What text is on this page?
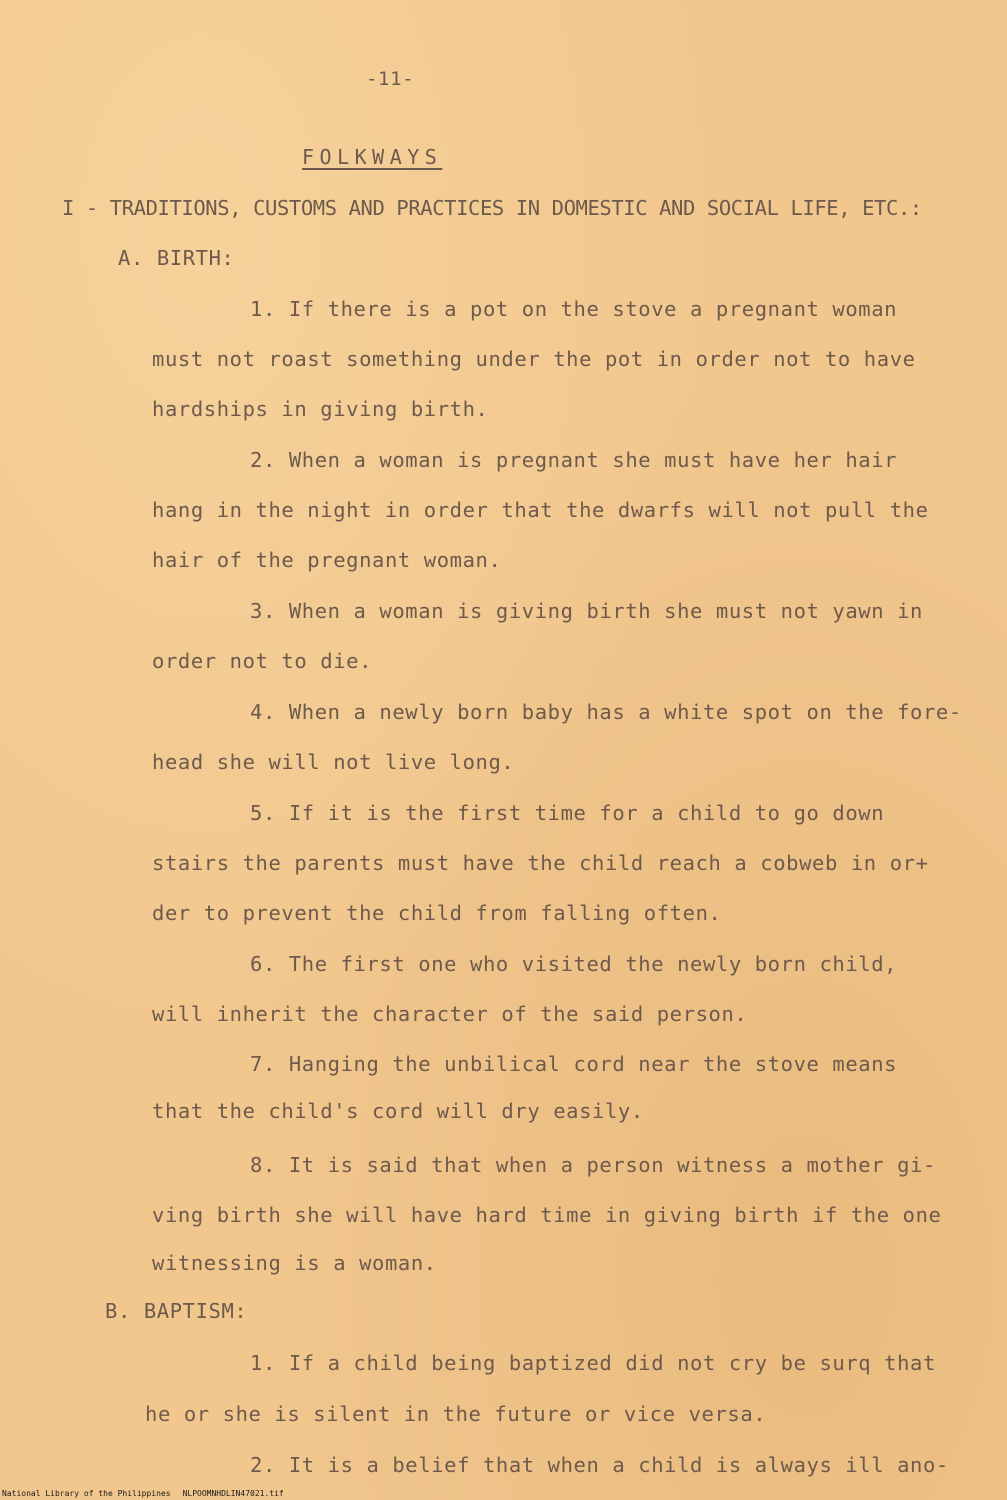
-11-
FOLKWAYS
I - TRADITIONS, CUSTOMS AND PRACTICES IN DOMESTIC AND SOCIAL LIFE, ETC.:
A. BIRTH:
1. If there is a pot on the stove a pregnant woman
must not roast something under the pot in order not to have
hardships in giving birth.
2. When a woman is pregnant she must have her hair
hang in the night in order that the dwarfs will not pull the
hair of the pregnant woman.
3. When a woman is giving birth she must not yawn in
order not to die.
4. When a newly born baby has a white spot on the fore-
head she will not live long.
5. If it is the first time for a child to go down
stairs the parents must have the child reach a cobweb in or+
der to prevent the child from falling often.
6. The first one who visited the newly born child,
will inherit the character of the said person.
7. Hanging the unbilical cord near the stove means
that the child's cord will dry easily.
8. It is said that when a person witness a mother gi-
ving birth she will have hard time in giving birth if the one
witnessing is a woman.
B. BAPTISM:
1. If a child being baptized did not cry be surq that
he or she is silent in the future or vice versa.
2. It is a belief that when a child is always ill ano-
National Library of the Philippines NLPOOMNHDLIN47021.tif
